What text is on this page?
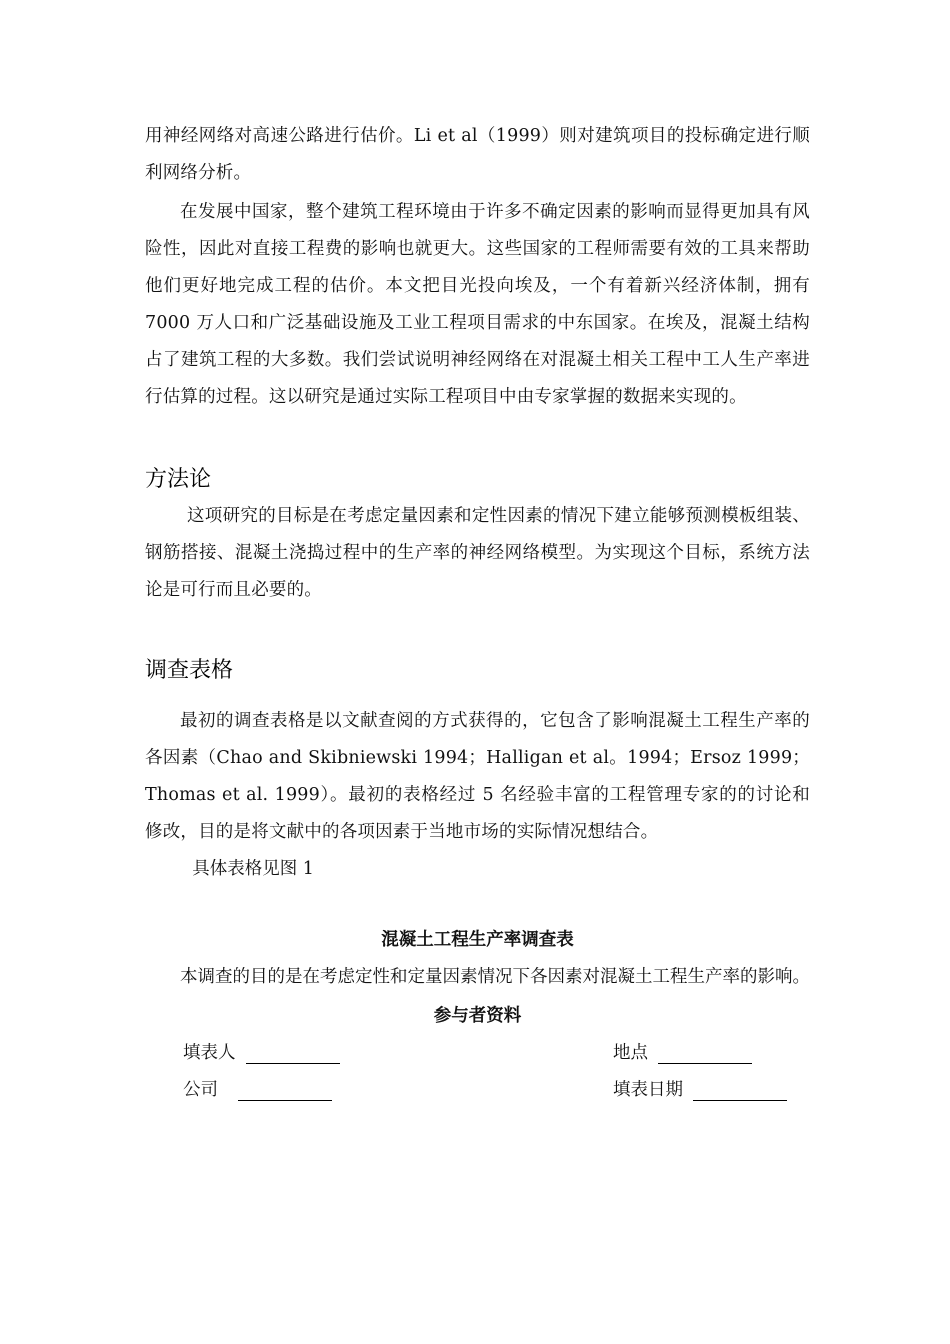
用神经网络对高速公路进行估价。Li et al（1999）则对建筑项目的投标确定进行顺利网络分析。

在发展中国家，整个建筑工程环境由于许多不确定因素的影响而显得更加具有风险性，因此对直接工程费的影响也就更大。这些国家的工程师需要有效的工具来帮助他们更好地完成工程的估价。本文把目光投向埃及，一个有着新兴经济体制，拥有 7000 万人口和广泛基础设施及工业工程项目需求的中东国家。在埃及，混凝土结构占了建筑工程的大多数。我们尝试说明神经网络在对混凝土相关工程中工人生产率进行估算的过程。这以研究是通过实际工程项目中由专家掌握的数据来实现的。

方法论

这项研究的目标是在考虑定量因素和定性因素的情况下建立能够预测模板组装、钢筋搭接、混凝土浇捣过程中的生产率的神经网络模型。为实现这个目标，系统方法论是可行而且必要的。

调查表格

最初的调查表格是以文献查阅的方式获得的，它包含了影响混凝土工程生产率的各因素（Chao and Skibniewski 1994；Halligan et al。1994；Ersoz 1999；Thomas et al. 1999）。最初的表格经过 5 名经验丰富的工程管理专家的的讨论和修改，目的是将文献中的各项因素于当地市场的实际情况想结合。

具体表格见图 1

混凝土工程生产率调查表

本调查的目的是在考虑定性和定量因素情况下各因素对混凝土工程生产率的影响。

参与者资料

填表人	地点
公司	填表日期
